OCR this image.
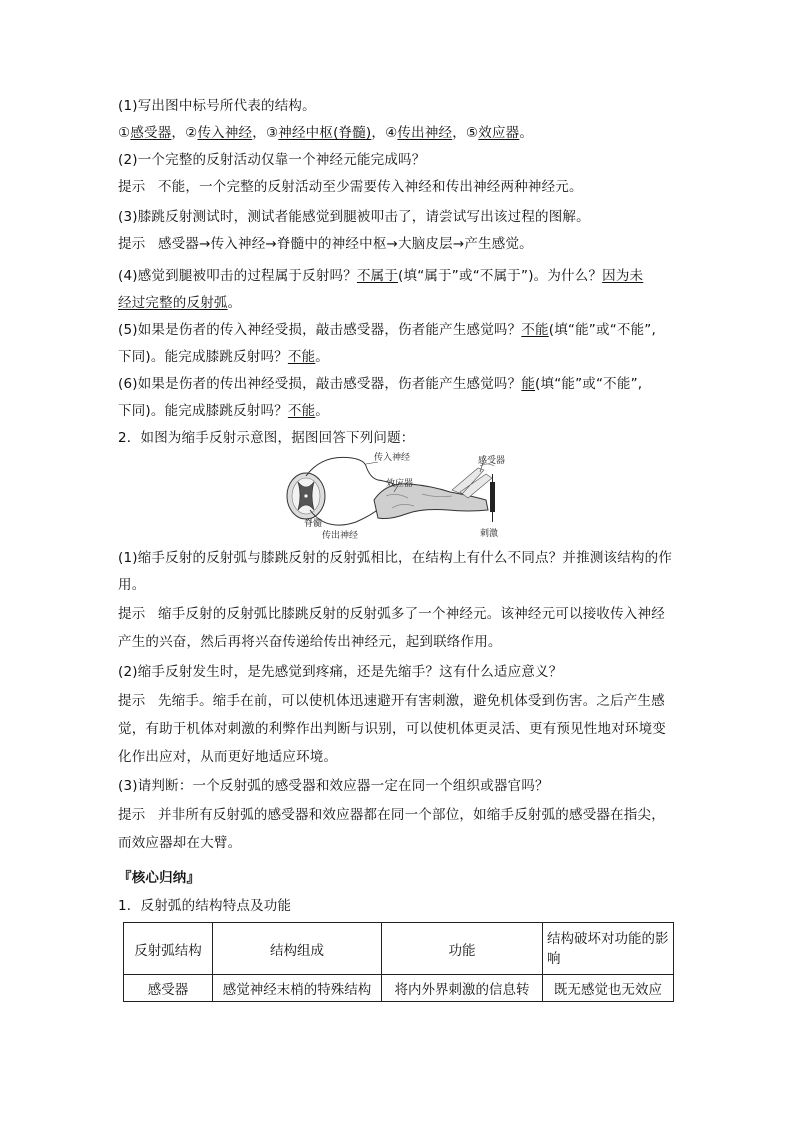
(1)写出图中标号所代表的结构。
①感受器，②传入神经，③神经中枢(脊髓)，④传出神经，⑤效应器。
(2)一个完整的反射活动仅靠一个神经元能完成吗？
提示 不能，一个完整的反射活动至少需要传入神经和传出神经两种神经元。
(3)膝跳反射测试时，测试者能感觉到腿被叩击了，请尝试写出该过程的图解。
提示 感受器→传入神经→脊髓中的神经中枢→大脑皮层→产生感觉。
(4)感觉到腿被叩击的过程属于反射吗？不属于(填“属于”或“不属于”)。为什么？因为未
经过完整的反射弧。
(5)如果是伤者的传入神经受损，敲击感受器，伤者能产生感觉吗？不能(填“能”或“不能”,
下同)。能完成膝跳反射吗？不能。
(6)如果是伤者的传出神经受损，敲击感受器，伤者能产生感觉吗？能(填“能”或“不能”,
下同)。能完成膝跳反射吗？不能。
2．如图为缩手反射示意图，据图回答下列问题：
传入神经
效应器
感受器
脊髓
传出神经	刺激
(1)缩手反射的反射弧与膝跳反射的反射弧相比，在结构上有什么不同点？并推测该结构的作
用。
提示 缩手反射的反射弧比膝跳反射的反射弧多了一个神经元。该神经元可以接收传入神经
产生的兴奋，然后再将兴奋传递给传出神经元，起到联络作用。
(2)缩手反射发生时，是先感觉到疼痛，还是先缩手？这有什么适应意义？
提示 先缩手。缩手在前，可以使机体迅速避开有害刺激，避免机体受到伤害。之后产生感
觉，有助于机体对刺激的利弊作出判断与识别，可以使机体更灵活、更有预见性地对环境变
化作出应对，从而更好地适应环境。
(3)请判断：一个反射弧的感受器和效应器一定在同一个组织或器官吗？
提示 并非所有反射弧的感受器和效应器都在同一个部位，如缩手反射弧的感受器在指尖，
而效应器却在大臂。
『核心归纳』
1．反射弧的结构特点及功能
反射弧结构	结构组成	功能	结构破坏对功能的影响
感受器	感觉神经末梢的特殊结构	将内外界刺激的信息转	既无感觉也无效应
